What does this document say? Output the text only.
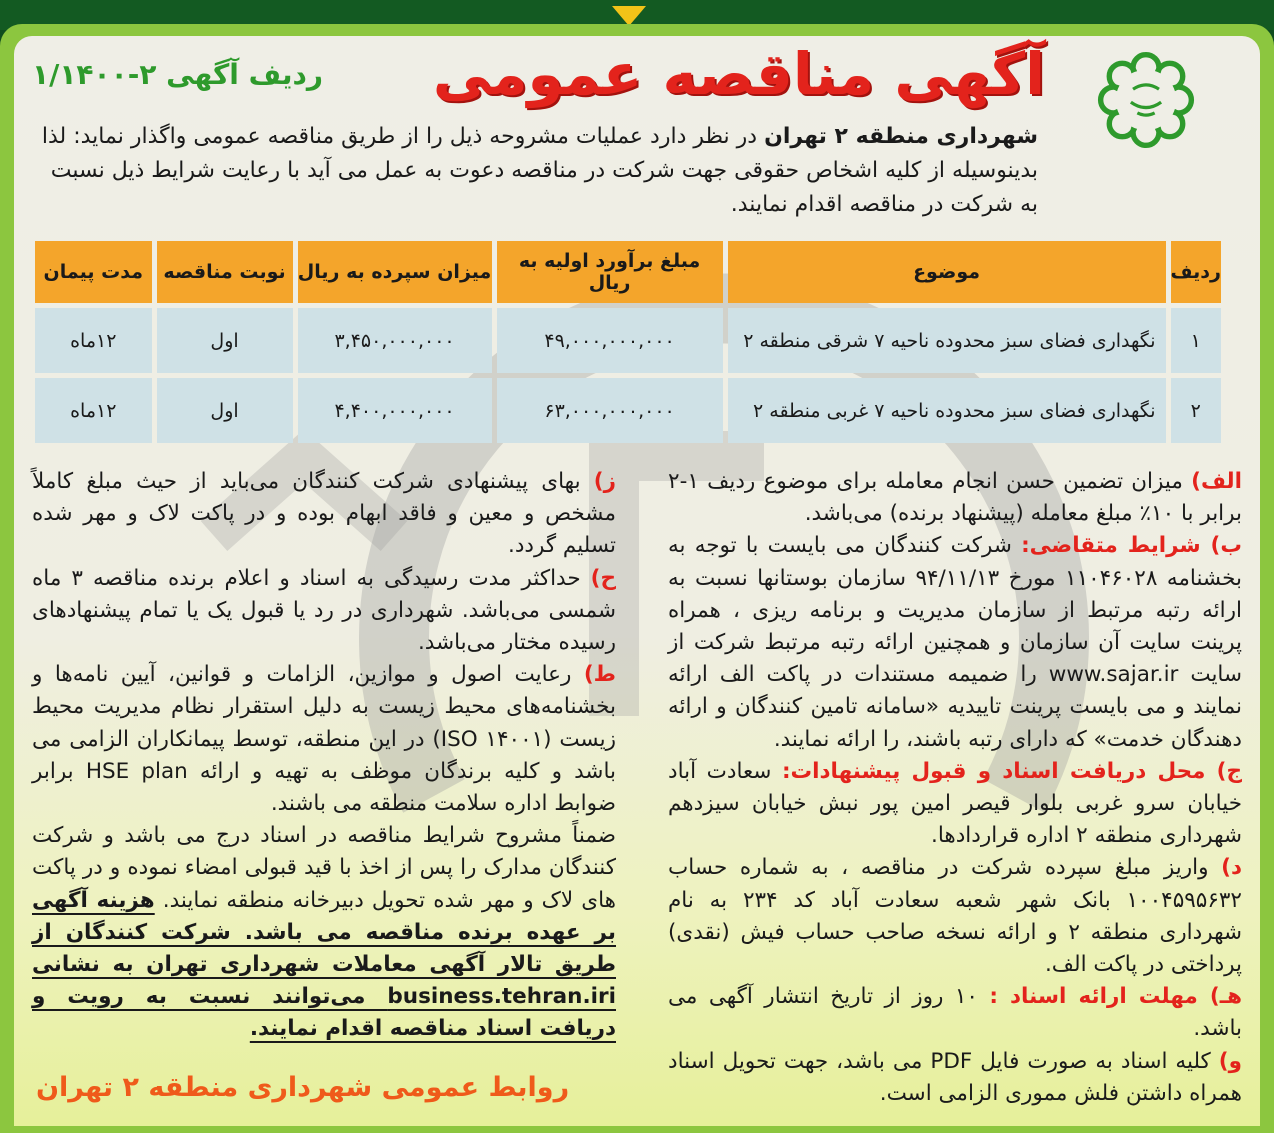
آگهی مناقصه عمومی
ردیف آگهی ۲-۱/۱۴۰۰
شهرداری منطقه ۲ تهران در نظر دارد عملیات مشروحه ذیل را از طریق مناقصه عمومی واگذار نماید: لذا بدینوسیله از کلیه اشخاص حقوقی جهت شرکت در مناقصه دعوت به عمل می آید با رعایت شرایط ذیل نسبت به شرکت در مناقصه اقدام نمایند.
ردیف	موضوع	مبلغ برآورد اولیه به ریال	میزان سپرده به ریال	نوبت مناقصه	مدت پیمان
۱	نگهداری فضای سبز محدوده ناحیه ۷ شرقی منطقه ۲	۴۹,۰۰۰,۰۰۰,۰۰۰	۳,۴۵۰,۰۰۰,۰۰۰	اول	۱۲ماه
۲	نگهداری فضای سبز محدوده ناحیه ۷ غربی منطقه ۲	۶۳,۰۰۰,۰۰۰,۰۰۰	۴,۴۰۰,۰۰۰,۰۰۰	اول	۱۲ماه

الف) میزان تضمین حسن انجام معامله برای موضوع ردیف ۱-۲ برابر با ۱۰٪ مبلغ معامله (پیشنهاد برنده) می‌باشد.

ب) شرایط متقاضی: شرکت کنندگان می بایست با توجه به بخشنامه ۱۱۰۴۶۰۲۸ مورخ ۹۴/۱۱/۱۳ سازمان بوستانها نسبت به ارائه رتبه مرتبط از سازمان مدیریت و برنامه ریزی ، همراه پرینت سایت آن سازمان و همچنین ارائه رتبه مرتبط شرکت از سایت www.sajar.ir را ضمیمه مستندات در پاکت الف ارائه نمایند و می بایست پرینت تاییدیه «سامانه تامین کنندگان و ارائه دهندگان خدمت» که دارای رتبه باشند، را ارائه نمایند.

ج) محل دریافت اسناد و قبول پیشنهادات: سعادت آباد خیابان سرو غربی بلوار قیصر امین پور نبش خیابان سیزدهم شهرداری منطقه ۲ اداره قراردادها.

د) واریز مبلغ سپرده شرکت در مناقصه ، به شماره حساب ۱۰۰۴۵۹۵۶۳۲ بانک شهر شعبه سعادت آباد کد ۲۳۴ به نام شهرداری منطقه ۲ و ارائه نسخه صاحب حساب فیش (نقدی) پرداختی در پاکت الف.

هـ) مهلت ارائه اسناد : ۱۰ روز از تاریخ انتشار آگهی می باشد.

و) کلیه اسناد به صورت فایل PDF می باشد، جهت تحویل اسناد همراه داشتن فلش مموری الزامی است.

ز) بهای پیشنهادی شرکت کنندگان می‌باید از حیث مبلغ کاملاً مشخص و معین و فاقد ابهام بوده و در پاکت لاک و مهر شده تسلیم گردد.

ح) حداکثر مدت رسیدگی به اسناد و اعلام برنده مناقصه ۳ ماه شمسی می‌باشد. شهرداری در رد یا قبول یک یا تمام پیشنهادهای رسیده مختار می‌باشد.

ط) رعایت اصول و موازین، الزامات و قوانین، آیین نامه‌ها و بخشنامه‌های محیط زیست به دلیل استقرار نظام مدیریت محیط زیست (ISO ۱۴۰۰۱) در این منطقه، توسط پیمانکاران الزامی می باشد و کلیه برندگان موظف به تهیه و ارائه HSE plan برابر ضوابط اداره سلامت منطقه می باشند.

ضمناً مشروح شرایط مناقصه در اسناد درج می باشد و شرکت کنندگان مدارک را پس از اخذ با قید قبولی امضاء نموده و در پاکت های لاک و مهر شده تحویل دبیرخانه منطقه نمایند. هزینه آگهی بر عهده برنده مناقصه می باشد. شرکت کنندگان از طریق تالار آگهی معاملات شهرداری تهران به نشانی business.tehran.iri می‌توانند نسبت به رویت و دریافت اسناد مناقصه اقدام نمایند.

روابط عمومی شهرداری منطقه ۲ تهران
